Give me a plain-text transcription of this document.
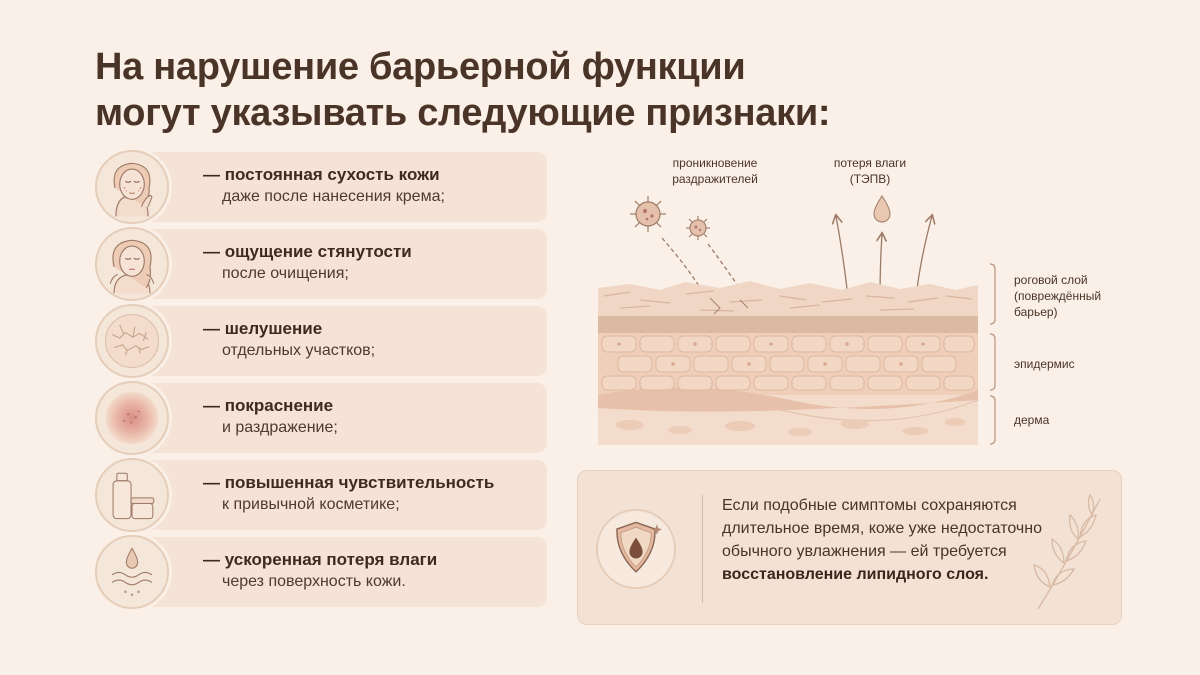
На нарушение барьерной функции
могут указывать следующие признаки:
— постоянная сухость кожи
даже после нанесения крема;
— ощущение стянутости
после очищения;
— шелушение
отдельных участков;
— покраснение
и раздражение;
— повышенная чувствительность
к привычной косметике;
— ускоренная потеря влаги
через поверхность кожи.
проникновение раздражителей
потеря влаги
(ТЭПВ)
роговой слой (повреждённый барьер)
эпидермис
дерма
Если подобные симптомы сохраняются длительное время, коже уже недостаточно обычного увлажнения — ей требуется восстановление липидного слоя.
